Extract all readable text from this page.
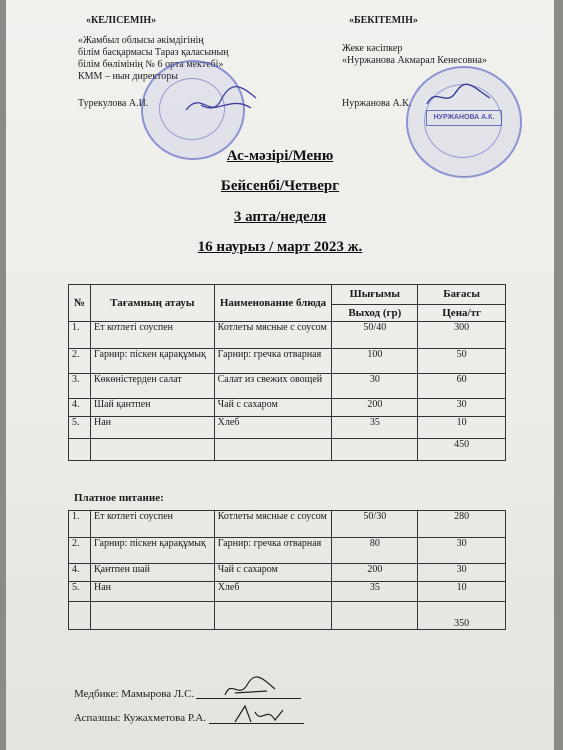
«КЕЛІСЕМІН»
«Жамбыл облысы әкімдігінің
білім басқармасы Тараз қаласының
білім бөлімінің № 6 орта мектебі»
КММ – нын директоры
Турекулова А.И.
«БЕКІТЕМІН»
Жеке кәсіпкер
«Нуржанова Акмарал Кенесовна»
Нуржанова А.К.
НУРЖАНОВА А.К.
Ас-мәзірі/Меню
Бейсенбі/Четверг
3 апта/неделя
16 наурыз / март 2023 ж.
№	Тағамның атауы	Наименование блюда	Шығымы	Бағасы
			Выход (гр)	Цена/тг
1.	Ет котлеті соуспен	Котлеты мясные с соусом	50/40	300
2.	Гарнир: піскен қарақұмық	Гарнир: гречка отварная	100	50
3.	Көкөністерден салат	Салат из свежих овощей	30	60
4.	Шай қантпен	Чай с сахаром	200	30
5.	Нан	Хлеб	35	10
				450
Платное питание:
1.	Ет котлеті соуспен	Котлеты мясные с соусом	50/30	280
2.	Гарнир: піскен қарақұмық	Гарнир: гречка отварная	80	30
4.	Қантпен шай	Чай с сахаром	200	30
5.	Нан	Хлеб	35	10
				350
Медбике: Мамырова Л.С.
Аспазшы: Кужахметова Р.А.
